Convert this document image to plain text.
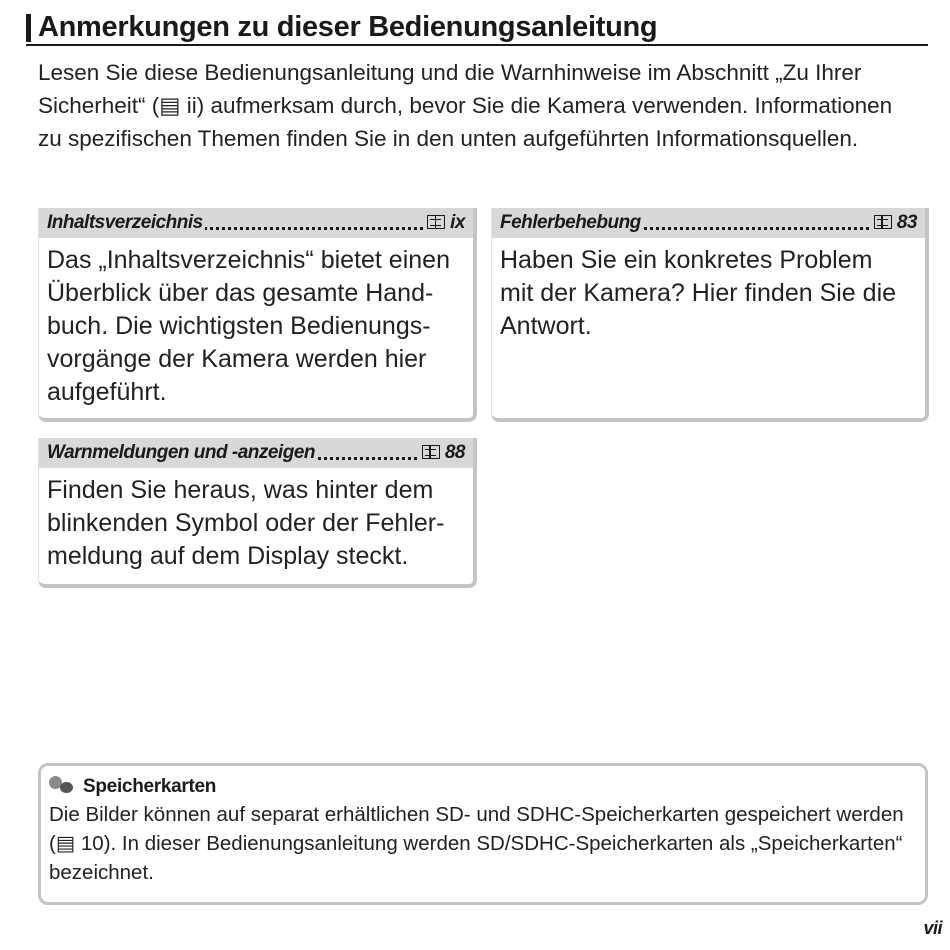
Anmerkungen zu dieser Bedienungsanleitung
Lesen Sie diese Bedienungsanleitung und die Warnhinweise im Abschnitt „Zu Ihrer Sicherheit“ (▤ ii) aufmerksam durch, bevor Sie die Kamera verwenden. Informationen zu spezifischen Themen finden Sie in den unten aufgeführten Informationsquellen.
Inhaltsverzeichnis	ix
Das „Inhaltsverzeichnis“ bietet einen
Überblick über das gesamte Hand-
buch. Die wichtigsten Bedienungs-
vorgänge der Kamera werden hier
aufgeführt.
Fehlerbehebung	83
Haben Sie ein konkretes Problem
mit der Kamera? Hier finden Sie die
Antwort.
Warnmeldungen und -anzeigen	88
Finden Sie heraus, was hinter dem
blinkenden Symbol oder der Fehler-
meldung auf dem Display steckt.
Speicherkarten
Die Bilder können auf separat erhältlichen SD- und SDHC-Speicherkarten gespeichert werden (▤ 10). In dieser Bedienungsanleitung werden SD/SDHC-Speicherkarten als „Speicherkarten“ bezeichnet.
vii
